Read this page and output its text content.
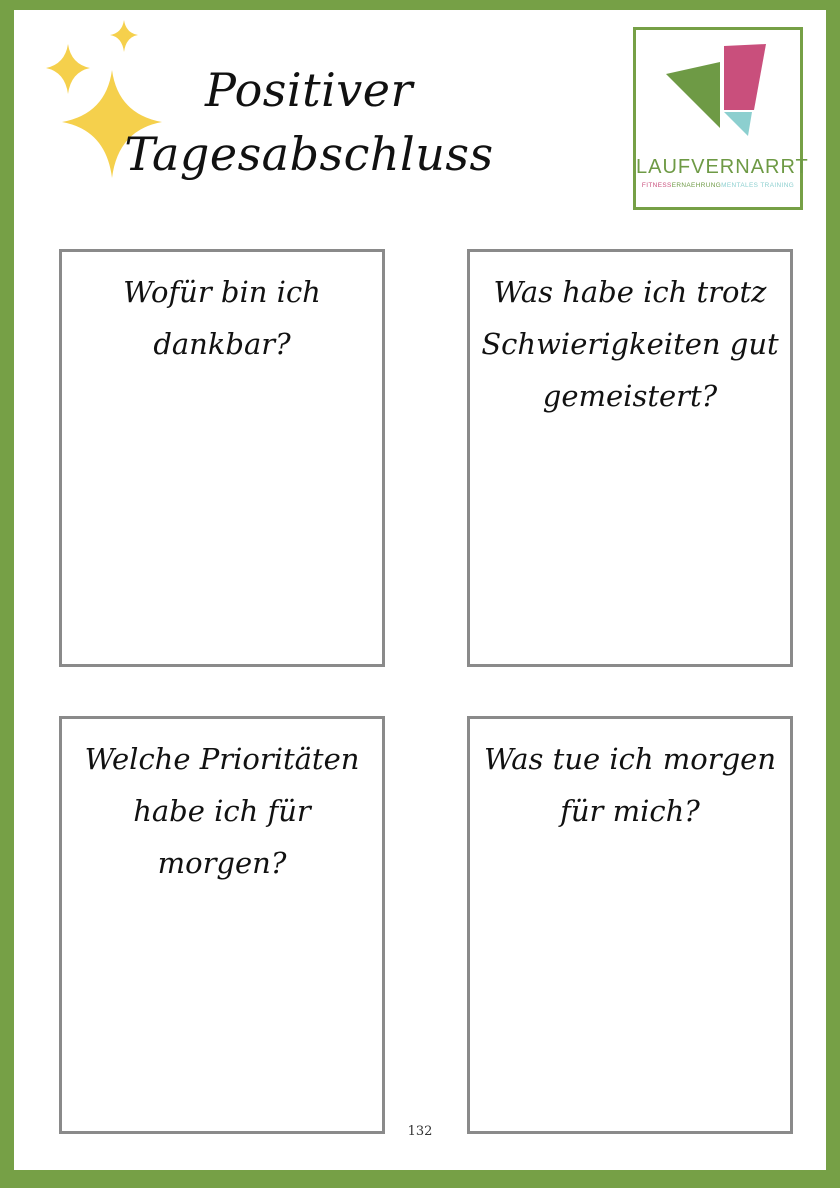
Positiver
Tagesabschluss	LAUFVERNARRT
FITNESSERNAEHRUNGMENTALES TRAINING

Wofür bin ich dankbar?

Was habe ich trotz Schwierigkeiten gut gemeistert?

Welche Prioritäten habe ich für morgen?

Was tue ich morgen für mich?

132
